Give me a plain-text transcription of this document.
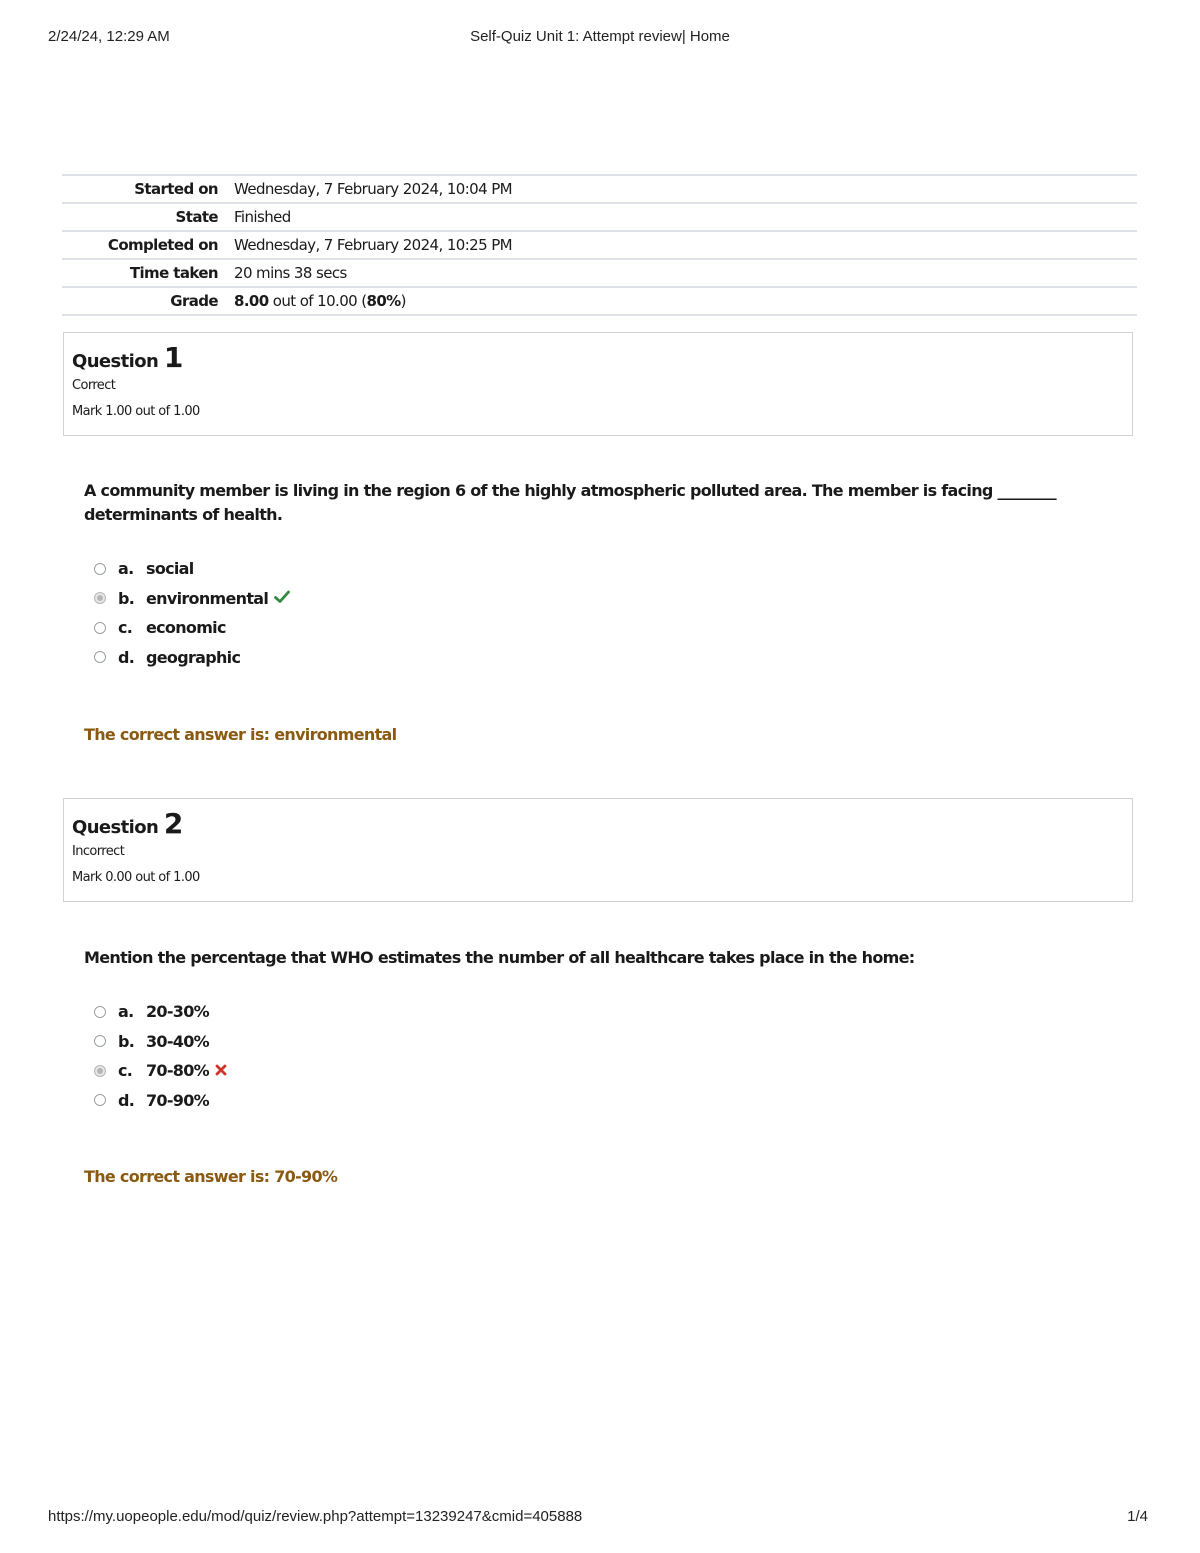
2/24/24, 12:29 AM	Self-Quiz Unit 1: Attempt review| Home
Started on	Wednesday, 7 February 2024, 10:04 PM
State	Finished
Completed on	Wednesday, 7 February 2024, 10:25 PM
Time taken	20 mins 38 secs
Grade	8.00 out of 10.00 (80%)
Question 1
Correct
Mark 1.00 out of 1.00
A community member is living in the region 6 of the highly atmospheric polluted area. The member is facing ________ determinants of health.
a. social
b. environmental
c. economic
d. geographic
The correct answer is: environmental
Question 2
Incorrect
Mark 0.00 out of 1.00
Mention the percentage that WHO estimates the number of all healthcare takes place in the home:
a. 20-30%
b. 30-40%
c. 70-80%
d. 70-90%
The correct answer is: 70-90%
https://my.uopeople.edu/mod/quiz/review.php?attempt=13239247&cmid=405888	1/4
